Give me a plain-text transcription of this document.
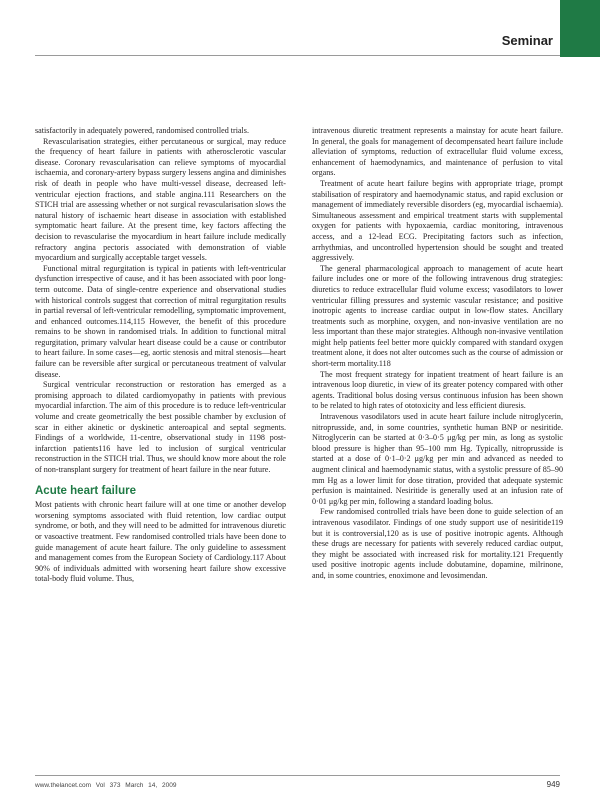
Seminar

satisfactorily in adequately powered, randomised controlled trials.

Revascularisation strategies, either percutaneous or surgical, may reduce the frequency of heart failure in patients with atherosclerotic vascular disease. Coronary revascularisation can relieve symptoms of myocardial ischaemia, and coronary-artery bypass surgery lessens angina and diminishes risk of death in people who have multi-vessel disease, decreased left-ventricular ejection fractions, and stable angina.111 Researchers on the STICH trial are assessing whether or not surgical revascularisation slows the natural history of ischaemic heart disease in association with established symptomatic heart failure. At the present time, key factors affecting the decision to revascularise the myocardium in heart failure include medically refractory angina pectoris associated with demonstration of viable myocardium and surgically acceptable target vessels.

Functional mitral regurgitation is typical in patients with left-ventricular dysfunction irrespective of cause, and it has been associated with poor long-term outcome. Data of single-centre experience and observational studies with historical controls suggest that correction of mitral regurgitation results in partial reversal of left-ventricular remodelling, symptomatic improvement, and enhanced outcomes.114,115 However, the benefit of this procedure remains to be shown in randomised trials. In addition to functional mitral regurgitation, primary valvular heart disease could be a cause or contributor to heart failure. In some cases—eg, aortic stenosis and mitral stenosis—heart failure can be reversible after surgical or percutaneous treatment of valvular disease.

Surgical ventricular reconstruction or restoration has emerged as a promising approach to dilated cardiomyopathy in patients with previous myocardial infarction. The aim of this procedure is to reduce left-ventricular volume and create geometrically the best possible chamber by exclusion of scar in either akinetic or dyskinetic anteroapical and septal segments. Findings of a worldwide, 11-centre, observational study in 1198 post-infarction patients116 have led to inclusion of surgical ventricular reconstruction in the STICH trial. Thus, we should know more about the role of non-transplant surgery for treatment of heart failure in the near future.

Acute heart failure

Most patients with chronic heart failure will at one time or another develop worsening symptoms associated with fluid retention, low cardiac output syndrome, or both, and they will need to be admitted for intravenous diuretic or vasoactive treatment. Few randomised controlled trials have been done to guide management of acute heart failure. The only guideline to assessment and management comes from the European Society of Cardiology.117 About 90% of individuals admitted with worsening heart failure show excessive total-body fluid volume. Thus,

intravenous diuretic treatment represents a mainstay for acute heart failure. In general, the goals for management of decompensated heart failure include alleviation of symptoms, reduction of extracellular fluid volume excess, enhancement of haemodynamics, and maintenance of perfusion to vital organs.

Treatment of acute heart failure begins with appropriate triage, prompt stabilisation of respiratory and haemodynamic status, and rapid exclusion or management of immediately reversible disorders (eg, myocardial ischaemia). Simultaneous assessment and empirical treatment starts with supplemental oxygen for patients with hypoxaemia, cardiac monitoring, intravenous access, and a 12-lead ECG. Precipitating factors such as infection, arrhythmias, and uncontrolled hypertension should be sought and treated aggressively.

The general pharmacological approach to management of acute heart failure includes one or more of the following intravenous drug strategies: diuretics to reduce extracellular fluid volume excess; vasodilators to lower ventricular filling pressures and systemic vascular resistance; and positive inotropic agents to increase cardiac output in low-flow states. Ancillary treatments such as morphine, oxygen, and non-invasive ventilation are no less important than these major strategies. Although non-invasive ventilation might help patients feel better more quickly compared with standard oxygen treatment alone, it does not alter outcomes such as the course of admission or short-term mortality.118

The most frequent strategy for inpatient treatment of heart failure is an intravenous loop diuretic, in view of its greater potency compared with other agents. Traditional bolus dosing versus continuous infusion has been shown to be related to high rates of ototoxicity and less efficient diuresis.

Intravenous vasodilators used in acute heart failure include nitroglycerin, nitroprusside, and, in some countries, synthetic human BNP or nesiritide. Nitroglycerin can be started at 0·3–0·5 μg/kg per min, as long as systolic blood pressure is higher than 95–100 mm Hg. Typically, nitroprusside is started at a dose of 0·1–0·2 μg/kg per min and advanced as needed to augment clinical and haemodynamic status, with a systolic pressure of 85–90 mm Hg as a lower limit for dose titration, provided that adequate systemic perfusion is maintained. Nesiritide is generally used at an infusion rate of 0·01 μg/kg per min, following a standard loading bolus.

Few randomised controlled trials have been done to guide selection of an intravenous vasodilator. Findings of one study support use of nesiritide119 but it is controversial,120 as is use of positive inotropic agents. Although these drugs are necessary for patients with severely reduced cardiac output, they might be associated with increased risk for mortality.121 Frequently used positive inotropic agents include dobutamine, dopamine, milrinone, and, in some countries, enoximone and levosimendan.

www.thelancet.com Vol 373 March 14, 2009	949
